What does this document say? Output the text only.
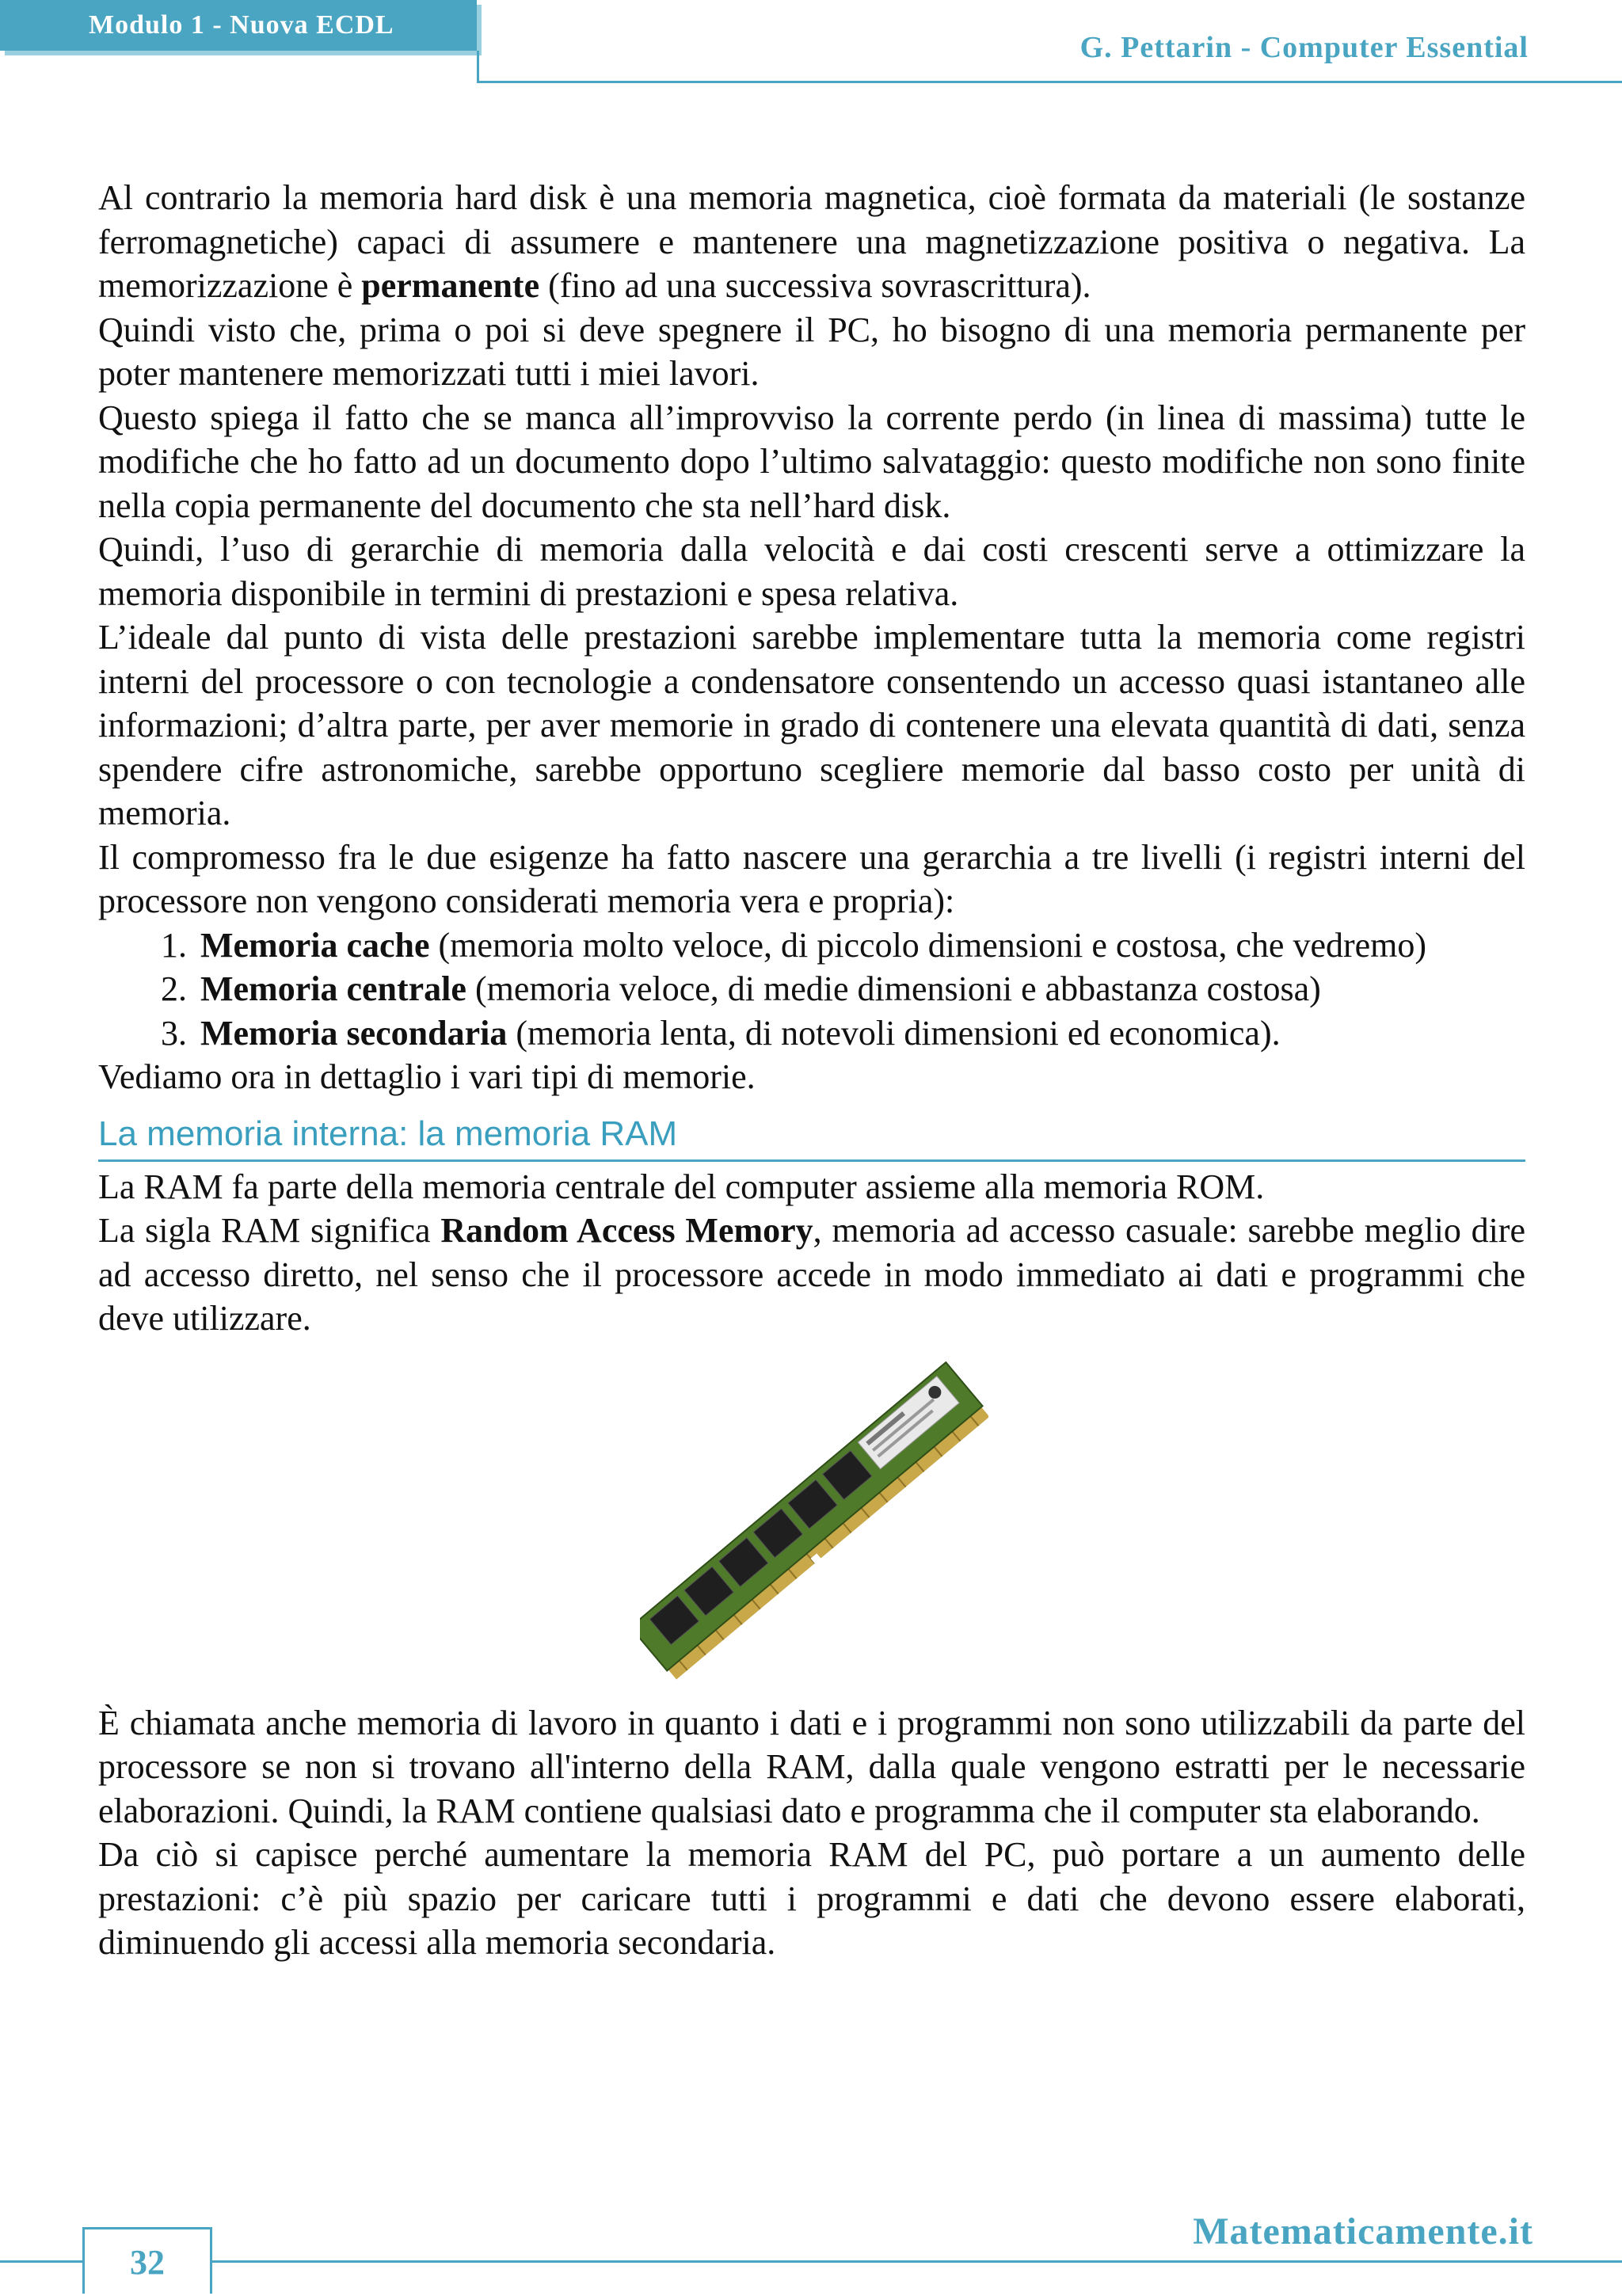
Modulo 1 - Nuova ECDL
G. Pettarin - Computer Essential

Al contrario la memoria hard disk è una memoria magnetica, cioè formata da materiali (le sostanze ferromagnetiche) capaci di assumere e mantenere una magnetizzazione positiva o negativa. La memorizzazione è permanente (fino ad una successiva sovrascrittura).

Quindi visto che, prima o poi si deve spegnere il PC, ho bisogno di una memoria permanente per poter mantenere memorizzati tutti i miei lavori.

Questo spiega il fatto che se manca all’improvviso la corrente perdo (in linea di massima) tutte le modifiche che ho fatto ad un documento dopo l’ultimo salvataggio: questo modifiche non sono finite nella copia permanente del documento che sta nell’hard disk.

Quindi, l’uso di gerarchie di memoria dalla velocità e dai costi crescenti serve a ottimizzare la memoria disponibile in termini di prestazioni e spesa relativa.

L’ideale dal punto di vista delle prestazioni sarebbe implementare tutta la memoria come registri interni del processore o con tecnologie a condensatore consentendo un accesso quasi istantaneo alle informazioni; d’altra parte, per aver memorie in grado di contenere una elevata quantità di dati, senza spendere cifre astronomiche, sarebbe opportuno scegliere memorie dal basso costo per unità di memoria.

Il compromesso fra le due esigenze ha fatto nascere una gerarchia a tre livelli (i registri interni del processore non vengono considerati memoria vera e propria):

1. Memoria cache (memoria molto veloce, di piccolo dimensioni e costosa, che vedremo)
2. Memoria centrale (memoria veloce, di medie dimensioni e abbastanza costosa)
3. Memoria secondaria (memoria lenta, di notevoli dimensioni ed economica).

Vediamo ora in dettaglio i vari tipi di memorie.

La memoria interna: la memoria RAM

La RAM fa parte della memoria centrale del computer assieme alla memoria ROM.

La sigla RAM significa Random Access Memory, memoria ad accesso casuale: sarebbe meglio dire ad accesso diretto, nel senso che il processore accede in modo immediato ai dati e programmi che deve utilizzare.

È chiamata anche memoria di lavoro in quanto i dati e i programmi non sono utilizzabili da parte del processore se non si trovano all'interno della RAM, dalla quale vengono estratti per le necessarie elaborazioni. Quindi, la RAM contiene qualsiasi dato e programma che il computer sta elaborando.

Da ciò si capisce perché aumentare la memoria RAM del PC, può portare a un aumento delle prestazioni: c’è più spazio per caricare tutti i programmi e dati che devono essere elaborati, diminuendo gli accessi alla memoria secondaria.

Matematicamente.it
32
